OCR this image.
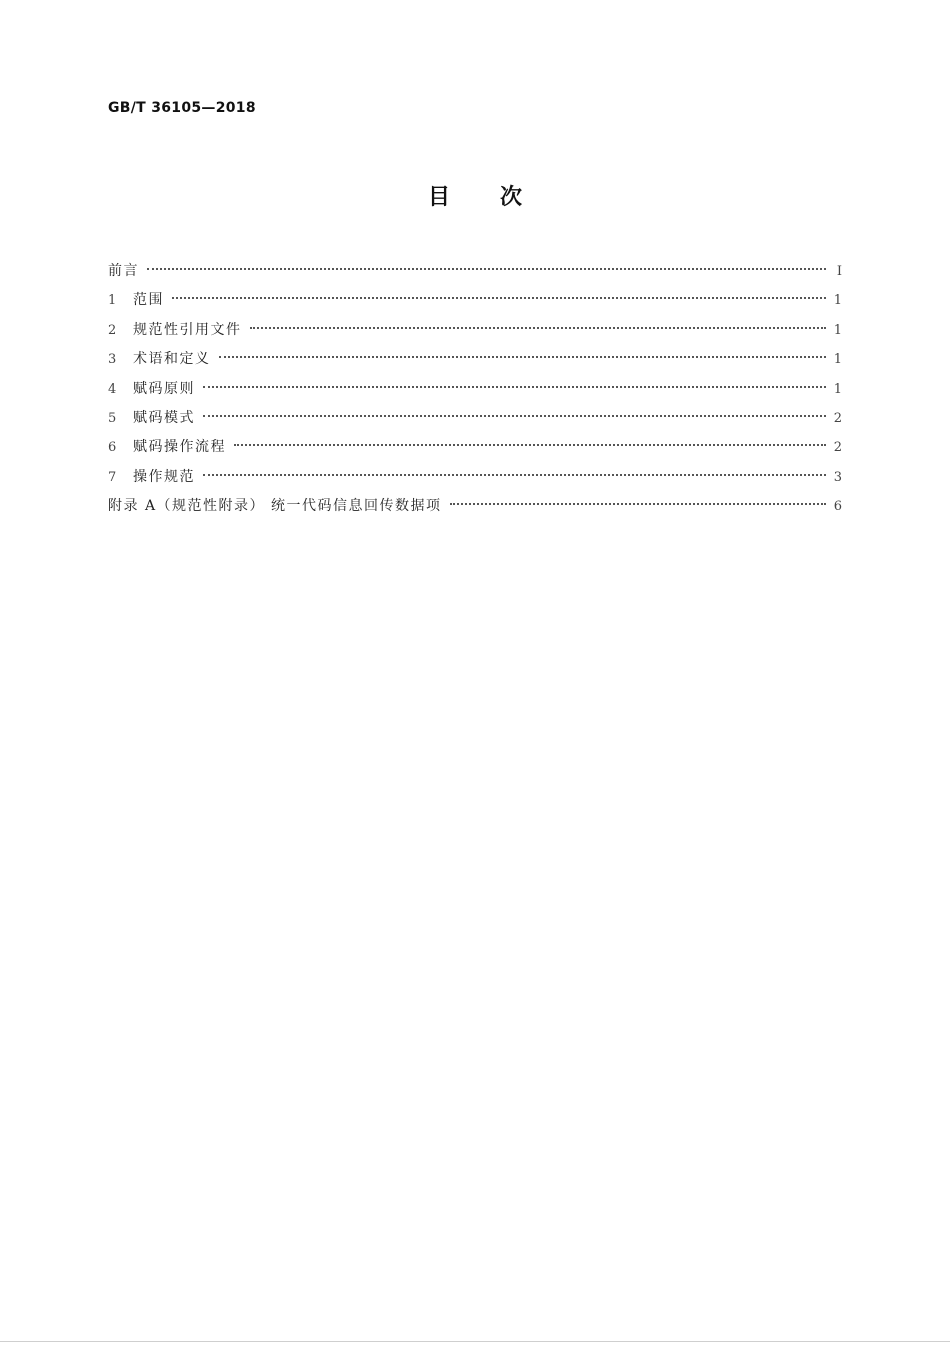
GB/T 36105—2018
目 次
前言	Ⅰ
1	范围	1
2	规范性引用文件	1
3	术语和定义	1
4	赋码原则	1
5	赋码模式	2
6	赋码操作流程	2
7	操作规范	3
附录 A（规范性附录） 统一代码信息回传数据项	6
